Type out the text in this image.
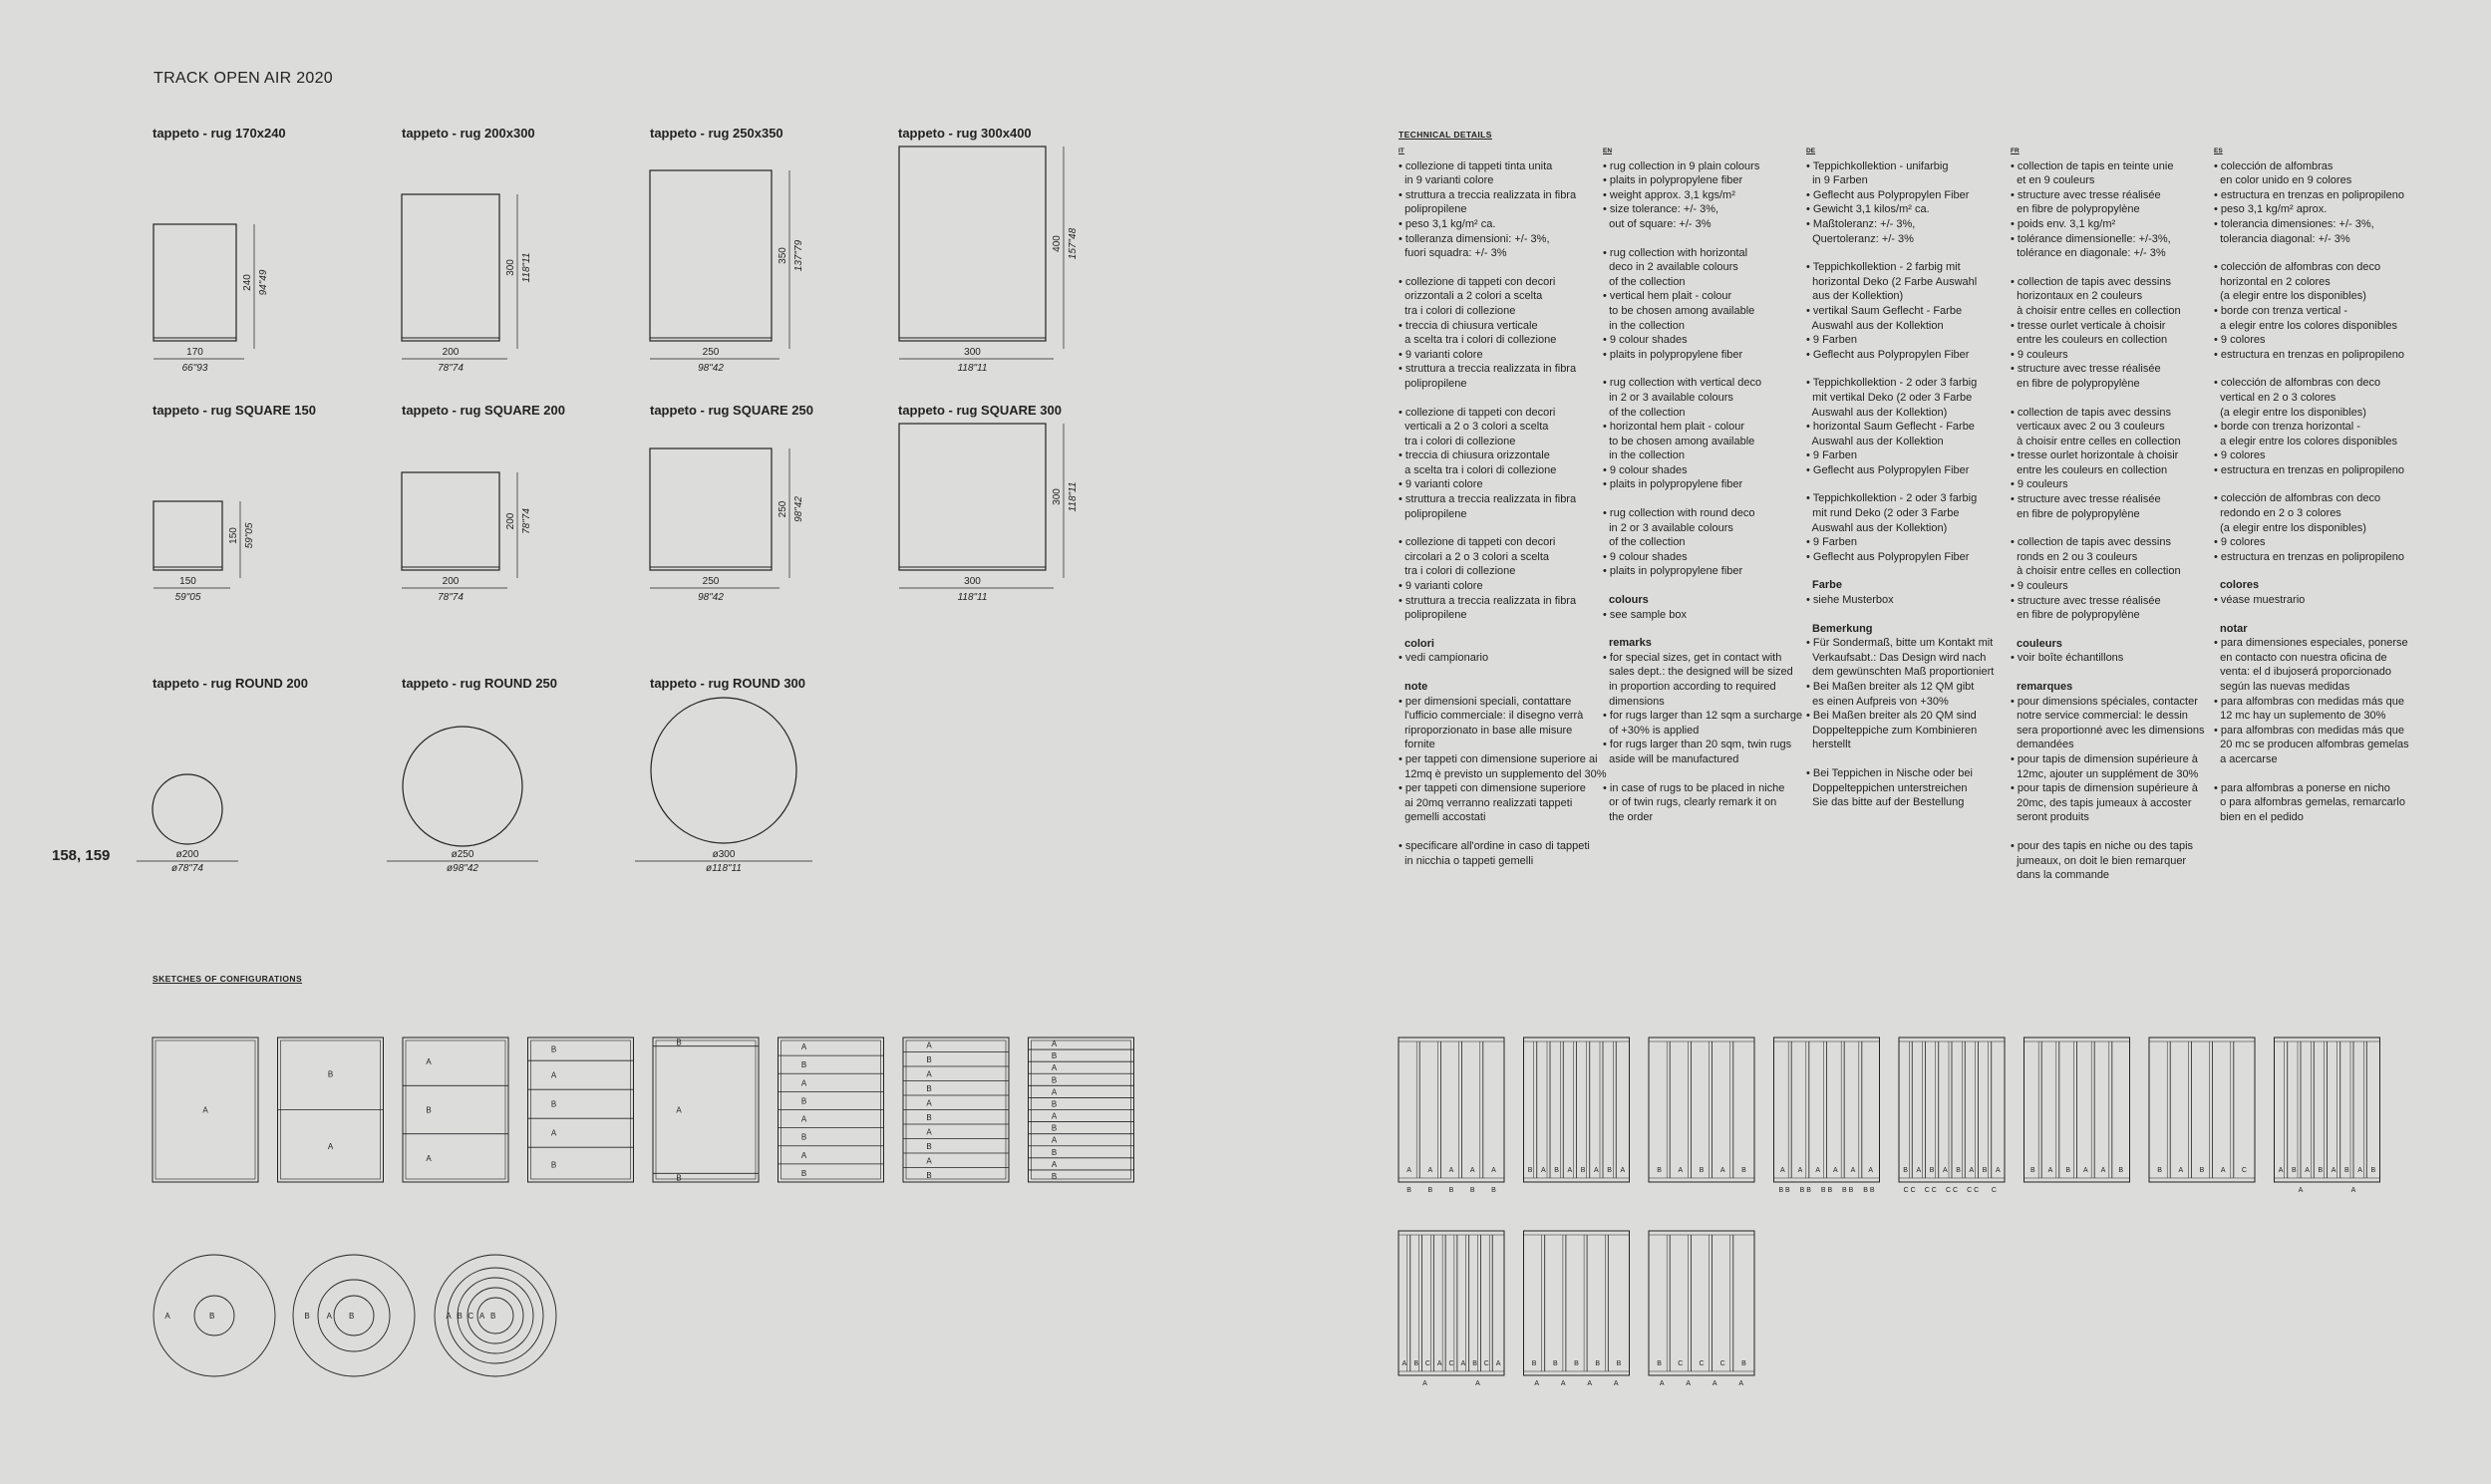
TRACK OPEN AIR 2020
158, 159
tappeto - rug 170x240	tappeto - rug 200x300	tappeto - rug 250x350	tappeto - rug 300x400
tappeto - rug SQUARE 150	tappeto - rug SQUARE 200	tappeto - rug SQUARE 250	tappeto - rug SQUARE 300
tappeto - rug ROUND 200	tappeto - rug ROUND 250	tappeto - rug ROUND 300
SKETCHES OF CONFIGURATIONS
TECHNICAL DETAILS
IT
• collezione di tappeti tinta unita
in 9 varianti colore
• struttura a treccia realizzata in fibra
polipropilene
• peso 3,1 kg/m² ca.
• tolleranza dimensioni: +/- 3%,
fuori squadra: +/- 3%
• collezione di tappeti con decori
orizzontali a 2 colori a scelta
tra i colori di collezione
• treccia di chiusura verticale
a scelta tra i colori di collezione
• 9 varianti colore
• struttura a treccia realizzata in fibra
polipropilene
• collezione di tappeti con decori
verticali a 2 o 3 colori a scelta
tra i colori di collezione
• treccia di chiusura orizzontale
a scelta tra i colori di collezione
• 9 varianti colore
• struttura a treccia realizzata in fibra
polipropilene
• collezione di tappeti con decori
circolari a 2 o 3 colori a scelta
tra i colori di collezione
• 9 varianti colore
• struttura a treccia realizzata in fibra
polipropilene
colori
• vedi campionario
note
• per dimensioni speciali, contattare
l'ufficio commerciale: il disegno verrà
riproporzionato in base alle misure
fornite
• per tappeti con dimensione superiore ai
12mq è previsto un supplemento del 30%
• per tappeti con dimensione superiore
ai 20mq verranno realizzati tappeti
gemelli accostati
• specificare all'ordine in caso di tappeti
in nicchia o tappeti gemelli
EN
• rug collection in 9 plain colours
• plaits in polypropylene fiber
• weight approx. 3,1 kgs/m²
• size tolerance: +/- 3%,
out of square: +/- 3%
• rug collection with horizontal
deco in 2 available colours
of the collection
• vertical hem plait - colour
to be chosen among available
in the collection
• 9 colour shades
• plaits in polypropylene fiber
• rug collection with vertical deco
in 2 or 3 available colours
of the collection
• horizontal hem plait - colour
to be chosen among available
in the collection
• 9 colour shades
• plaits in polypropylene fiber
• rug collection with round deco
in 2 or 3 available colours
of the collection
• 9 colour shades
• plaits in polypropylene fiber
colours
• see sample box
remarks
• for special sizes, get in contact with
sales dept.: the designed will be sized
in proportion according to required
dimensions
• for rugs larger than 12 sqm a surcharge
of +30% is applied
• for rugs larger than 20 sqm, twin rugs
aside will be manufactured
• in case of rugs to be placed in niche
or of twin rugs, clearly remark it on
the order
DE
• Teppichkollektion - unifarbig
in 9 Farben
• Geflecht aus Polypropylen Fiber
• Gewicht 3,1 kilos/m² ca.
• Maßtoleranz: +/- 3%,
Quertoleranz: +/- 3%
• Teppichkollektion - 2 farbig mit
horizontal Deko (2 Farbe Auswahl
aus der Kollektion)
• vertikal Saum Geflecht - Farbe
Auswahl aus der Kollektion
• 9 Farben
• Geflecht aus Polypropylen Fiber
• Teppichkollektion - 2 oder 3 farbig
mit vertikal Deko (2 oder 3 Farbe
Auswahl aus der Kollektion)
• horizontal Saum Geflecht - Farbe
Auswahl aus der Kollektion
• 9 Farben
• Geflecht aus Polypropylen Fiber
• Teppichkollektion - 2 oder 3 farbig
mit rund Deko (2 oder 3 Farbe
Auswahl aus der Kollektion)
• 9 Farben
• Geflecht aus Polypropylen Fiber
Farbe
• siehe Musterbox
Bemerkung
• Für Sondermaß, bitte um Kontakt mit
Verkaufsabt.: Das Design wird nach
dem gewünschten Maß proportioniert
• Bei Maßen breiter als 12 QM gibt
es einen Aufpreis von +30%
• Bei Maßen breiter als 20 QM sind
Doppelteppiche zum Kombinieren
herstellt
• Bei Teppichen in Nische oder bei
Doppelteppichen unterstreichen
Sie das bitte auf der Bestellung
FR
• collection de tapis en teinte unie
et en 9 couleurs
• structure avec tresse réalisée
en fibre de polypropylène
• poids env. 3,1 kg/m²
• tolérance dimensionelle: +/-3%,
tolérance en diagonale: +/- 3%
• collection de tapis avec dessins
horizontaux en 2 couleurs
à choisir entre celles en collection
• tresse ourlet verticale à choisir
entre les couleurs en collection
• 9 couleurs
• structure avec tresse réalisée
en fibre de polypropylène
• collection de tapis avec dessins
verticaux avec 2 ou 3 couleurs
à choisir entre celles en collection
• tresse ourlet horizontale à choisir
entre les couleurs en collection
• 9 couleurs
• structure avec tresse réalisée
en fibre de polypropylène
• collection de tapis avec dessins
ronds en 2 ou 3 couleurs
à choisir entre celles en collection
• 9 couleurs
• structure avec tresse réalisée
en fibre de polypropylène
couleurs
• voir boîte échantillons
remarques
• pour dimensions spéciales, contacter
notre service commercial: le dessin
sera proportionné avec les dimensions
demandées
• pour tapis de dimension supérieure à
12mc, ajouter un supplément de 30%
• pour tapis de dimension supérieure à
20mc, des tapis jumeaux à accoster
seront produits
• pour des tapis en niche ou des tapis
jumeaux, on doit le bien remarquer
dans la commande
ES
• colección de alfombras
en color unido en 9 colores
• estructura en trenzas en polipropileno
• peso 3,1 kg/m² aprox.
• tolerancia dimensiones: +/- 3%,
tolerancia diagonal: +/- 3%
• colección de alfombras con deco
horizontal en 2 colores
(a elegir entre los disponibles)
• borde con trenza vertical -
a elegir entre los colores disponibles
• 9 colores
• estructura en trenzas en polipropileno
• colección de alfombras con deco
vertical en 2 o 3 colores
(a elegir entre los disponibles)
• borde con trenza horizontal -
a elegir entre los colores disponibles
• 9 colores
• estructura en trenzas en polipropileno
• colección de alfombras con deco
redondo en 2 o 3 colores
(a elegir entre los disponibles)
• 9 colores
• estructura en trenzas en polipropileno
colores
• véase muestrario
notar
• para dimensiones especiales, ponerse
en contacto con nuestra oficina de
venta: el d ibujoserá proporcionado
según las nuevas medidas
• para alfombras con medidas más que
12 mc hay un suplemento de 30%
• para alfombras con medidas más que
20 mc se producen alfombras gemelas
a acercarse
• para alfombras a ponerse en nicho
o para alfombras gemelas, remarcarlo
bien en el pedido
170
66"93
240 94"49
200
78"74
300 118"11
250
98"42
350 137"79
300
118"11
400 157"48
150
59"05
150 59"05
200
78"74
200 78"74
250
98"42
250 98"42
300
118"11
300 118"11
ø200
ø78"74
ø250
ø98"42
ø300
ø118"11
A
B
A
A
B
A
B
A
B
A
B
B
A
B
A
B
A
B
A
B
A
B
A
B
A
B
A
B
A
B
A
B
A
B
A
B
A
B
A
B
A
B
A
B
A	B	B A B	A B C A B
A A A A A
B B B B B
B A B A B A B A	B A B A B	A A A A A A
B B B B B B B B B B
B A B A B A B A
C C C C C C C C C
B A B A A B	B A B A C	A B A B A B A B
A	A
A B C A C A B C A
A	A
B B B B B
A	A	A	A
B C C C B
A	A	A	A
